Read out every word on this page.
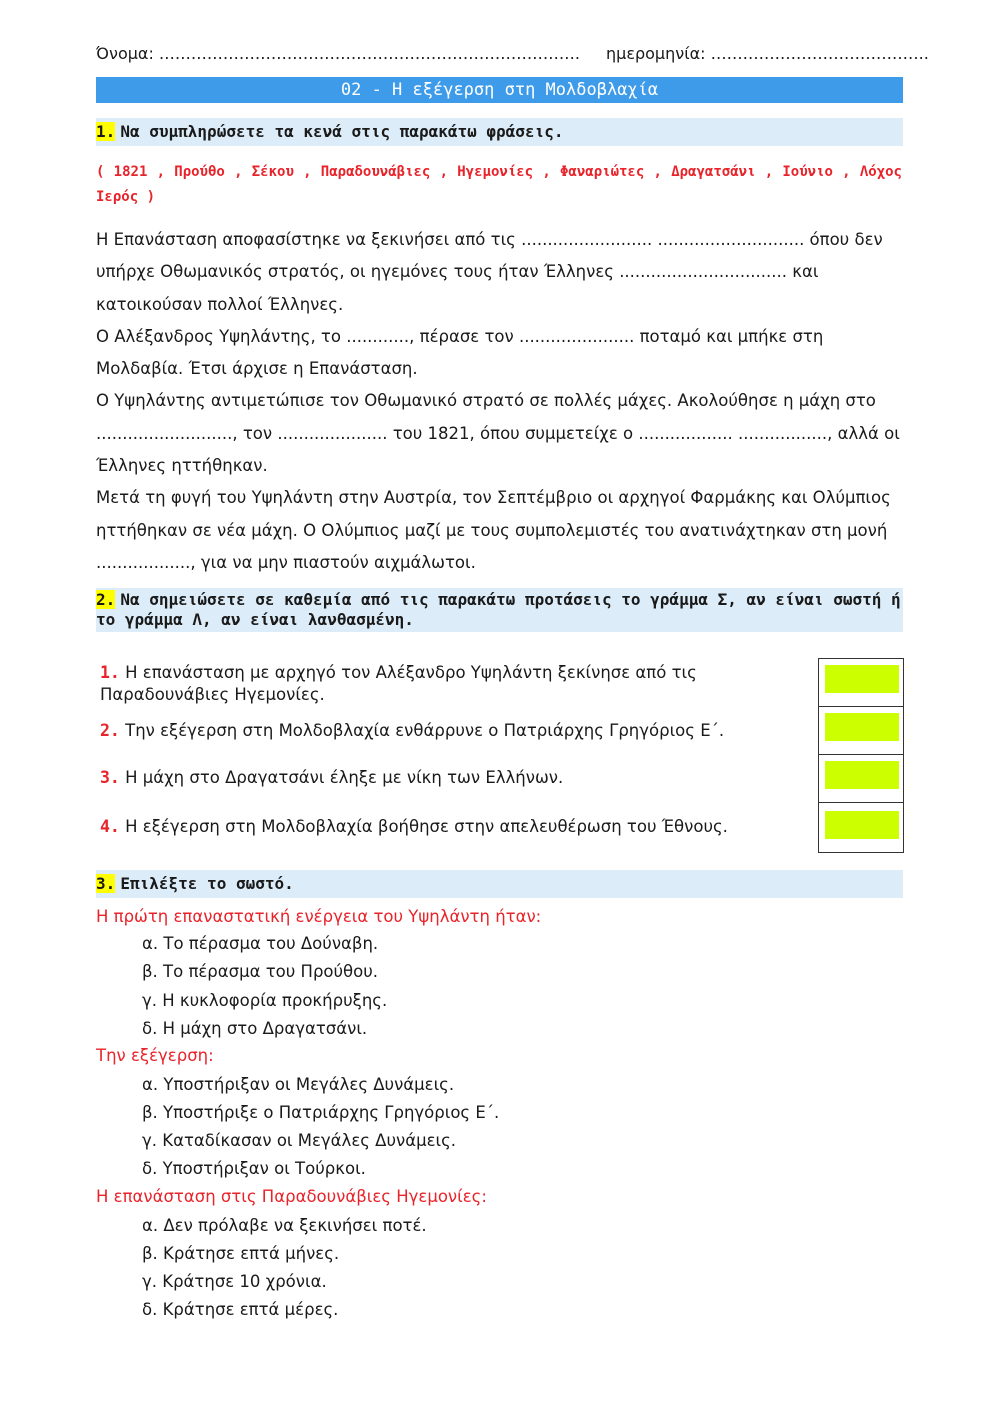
Όνομα: ……………………………………………………………………. ημερομηνία: …………………………………..
02 - Η εξέγερση στη Μολδοβλαχία
1. Να συμπληρώσετε τα κενά στις παρακάτω φράσεις.
( 1821 , Προύθο , Σέκου , Παραδουνάβιες , Ηγεμονίες , Φαναριώτες , Δραγατσάνι , Ιούνιο , Λόχος Ιερός )

Η Επανάσταση αποφασίστηκε να ξεκινήσει από τις ......................... ............................ όπου δεν υπήρχε Οθωμανικός στρατός, οι ηγεμόνες τους ήταν Έλληνες ................................ και κατοικούσαν πολλοί Έλληνες.

Ο Αλέξανδρος Υψηλάντης, το ............, πέρασε τον ...................... ποταμό και μπήκε στη Μολδαβία. Έτσι άρχισε η Επανάσταση.

Ο Υψηλάντης αντιμετώπισε τον Οθωμανικό στρατό σε πολλές μάχες. Ακολούθησε η μάχη στο .........................., τον ..................... του 1821, όπου συμμετείχε ο .................. ................., αλλά οι Έλληνες ηττήθηκαν.

Μετά τη φυγή του Υψηλάντη στην Αυστρία, τον Σεπτέμβριο οι αρχηγοί Φαρμάκης και Ολύμπιος ηττήθηκαν σε νέα μάχη. Ο Ολύμπιος μαζί με τους συμπολεμιστές του ανατινάχτηκαν στη μονή .................., για να μην πιαστούν αιχμάλωτοι.

2. Να σημειώσετε σε καθεμία από τις παρακάτω προτάσεις το γράμμα Σ, αν είναι σωστή ή το γράμμα Λ, αν είναι λανθασμένη.
1. Η επανάσταση με αρχηγό τον Αλέξανδρο Υψηλάντη ξεκίνησε από τις Παραδουνάβιες Ηγεμονίες.
2. Την εξέγερση στη Μολδοβλαχία ενθάρρυνε ο Πατριάρχης Γρηγόριος Ε΄.
3. Η μάχη στο Δραγατσάνι έληξε με νίκη των Ελλήνων.
4. Η εξέγερση στη Μολδοβλαχία βοήθησε στην απελευθέρωση του Έθνους.
3. Επιλέξτε το σωστό.
Η πρώτη επαναστατική ενέργεια του Υψηλάντη ήταν:
α. Το πέρασμα του Δούναβη.
β. Το πέρασμα του Προύθου.
γ. Η κυκλοφορία προκήρυξης.
δ. Η μάχη στο Δραγατσάνι.
Την εξέγερση:
α. Υποστήριξαν οι Μεγάλες Δυνάμεις.
β. Υποστήριξε ο Πατριάρχης Γρηγόριος Ε΄.
γ. Καταδίκασαν οι Μεγάλες Δυνάμεις.
δ. Υποστήριξαν οι Τούρκοι.
Η επανάσταση στις Παραδουνάβιες Ηγεμονίες:
α. Δεν πρόλαβε να ξεκινήσει ποτέ.
β. Κράτησε επτά μήνες.
γ. Κράτησε 10 χρόνια.
δ. Κράτησε επτά μέρες.
